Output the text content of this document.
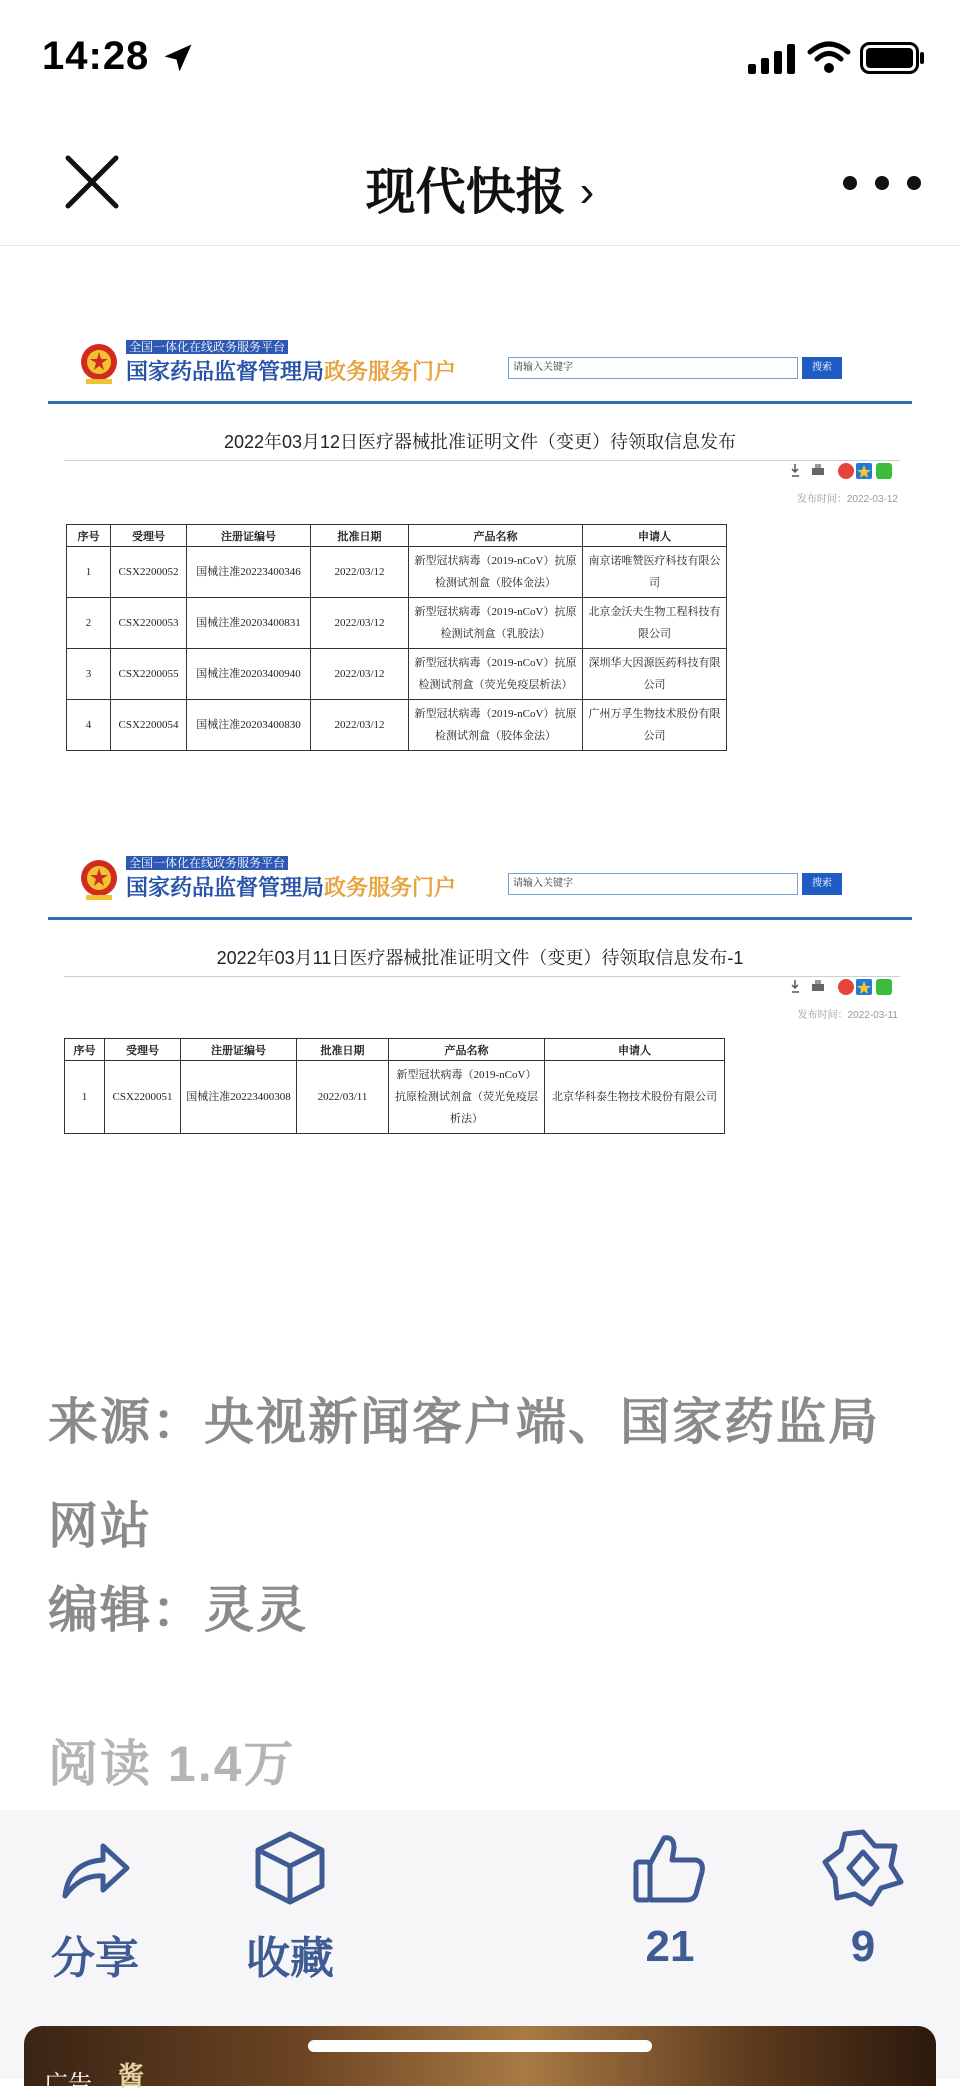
14:28
现代快报 ›
全国一体化在线政务服务平台
国家药品监督管理局政务服务门户	请输入关键字	搜索
2022年03月12日医疗器械批准证明文件（变更）待领取信息发布
发布时间：2022-03-12
序号	受理号	注册证编号	批准日期	产品名称	申请人
1	CSX2200052	国械注准20223400346	2022/03/12	新型冠状病毒（2019-nCoV）抗原检测试剂盒（胶体金法）	南京诺唯赞医疗科技有限公司
2	CSX2200053	国械注准20203400831	2022/03/12	新型冠状病毒（2019-nCoV）抗原检测试剂盒（乳胶法）	北京金沃夫生物工程科技有限公司
3	CSX2200055	国械注准20203400940	2022/03/12	新型冠状病毒（2019-nCoV）抗原检测试剂盒（荧光免疫层析法）	深圳华大因源医药科技有限公司
4	CSX2200054	国械注准20203400830	2022/03/12	新型冠状病毒（2019-nCoV）抗原检测试剂盒（胶体金法）	广州万孚生物技术股份有限公司
全国一体化在线政务服务平台
国家药品监督管理局政务服务门户	请输入关键字	搜索
2022年03月11日医疗器械批准证明文件（变更）待领取信息发布-1
发布时间：2022-03-11
序号	受理号	注册证编号	批准日期	产品名称	申请人
1	CSX2200051	国械注准20223400308	2022/03/11	新型冠状病毒（2019-nCoV）抗原检测试剂盒（荧光免疫层析法）	北京华科泰生物技术股份有限公司
来源：央视新闻客户端、国家药监局网站
编辑：灵灵
阅读 1.4万
分享	收藏	21	9
广告 酱
